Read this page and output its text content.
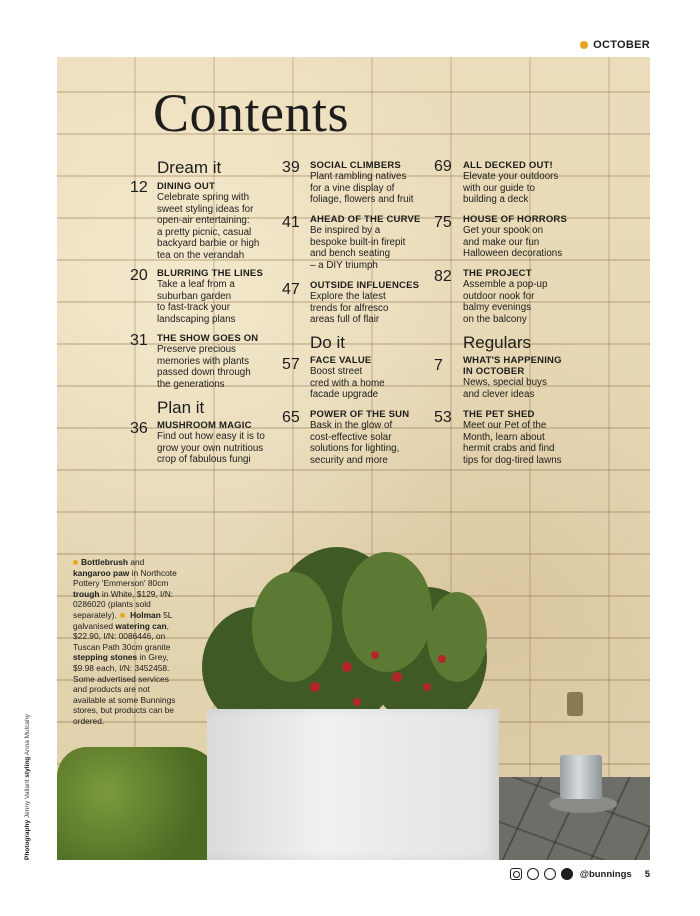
OCTOBER
Contents
Dream it
12 DINING OUT
Celebrate spring with
sweet styling ideas for
open-air entertaining:
a pretty picnic, casual
backyard barbie or high
tea on the verandah
20 BLURRING THE LINES
Take a leaf from a
suburban garden
to fast-track your
landscaping plans
31 THE SHOW GOES ON
Preserve precious
memories with plants
passed down through
the generations
Plan it
36 MUSHROOM MAGIC
Find out how easy it is to
grow your own nutritious
crop of fabulous fungi
39 SOCIAL CLIMBERS
Plant rambling natives
for a vine display of
foliage, flowers and fruit
41 AHEAD OF THE CURVE
Be inspired by a
bespoke built-in firepit
and bench seating
– a DIY triumph
47 OUTSIDE INFLUENCES
Explore the latest
trends for alfresco
areas full of flair
Do it
57 FACE VALUE
Boost street
cred with a home
facade upgrade
65 POWER OF THE SUN
Bask in the glow of
cost-effective solar
solutions for lighting,
security and more
69 ALL DECKED OUT!
Elevate your outdoors
with our guide to
building a deck
75 HOUSE OF HORRORS
Get your spook on
and make our fun
Halloween decorations
82 THE PROJECT
Assemble a pop-up
outdoor nook for
balmy evenings
on the balcony
Regulars
7 WHAT'S HAPPENING
IN OCTOBER
News, special buys
and clever ideas
53 THE PET SHED
Meet our Pet of the
Month, learn about
hermit crabs and find
tips for dog-tired lawns
Bottlebrush and kangaroo paw in Northcote Pottery 'Emmerson' 80cm trough in White, $129, I/N: 0286020 (plants sold separately). Holman 5L galvanised watering can, $22.90, I/N: 0086446, on Tuscan Path 30cm granite stepping stones in Grey, $9.98 each, I/N: 3452458. Some advertised services and products are not available at some Bunnings stores, but products can be ordered.
Photography Jenny Vallant styling Anna Mulcahy
@bunnings 5
